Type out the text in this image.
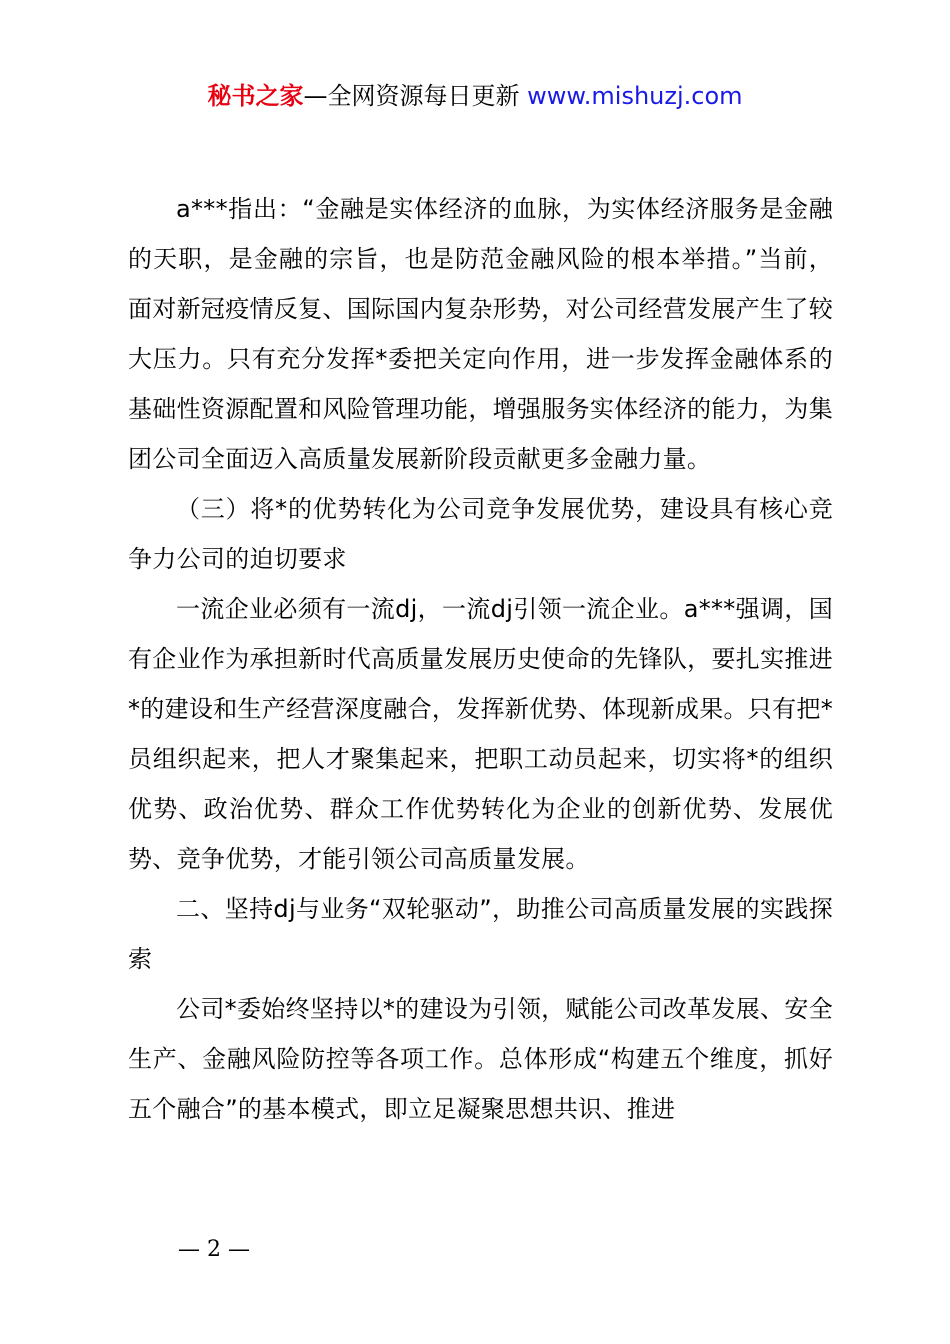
秘书之家—全网资源每日更新 www.mishuzj.com

a***指出：“金融是实体经济的血脉，为实体经济服务是金融的天职，是金融的宗旨，也是防范金融风险的根本举措。”当前，面对新冠疫情反复、国际国内复杂形势，对公司经营发展产生了较大压力。只有充分发挥*委把关定向作用，进一步发挥金融体系的基础性资源配置和风险管理功能，增强服务实体经济的能力，为集团公司全面迈入高质量发展新阶段贡献更多金融力量。

（三）将*的优势转化为公司竞争发展优势，建设具有核心竞争力公司的迫切要求

一流企业必须有一流dj，一流dj引领一流企业。a***强调，国有企业作为承担新时代高质量发展历史使命的先锋队，要扎实推进*的建设和生产经营深度融合，发挥新优势、体现新成果。只有把*员组织起来，把人才聚集起来，把职工动员起来，切实将*的组织优势、政治优势、群众工作优势转化为企业的创新优势、发展优势、竞争优势，才能引领公司高质量发展。

二、坚持dj与业务“双轮驱动”，助推公司高质量发展的实践探索

公司*委始终坚持以*的建设为引领，赋能公司改革发展、安全生产、金融风险防控等各项工作。总体形成“构建五个维度，抓好五个融合”的基本模式，即立足凝聚思想共识、推进

— 2 —
